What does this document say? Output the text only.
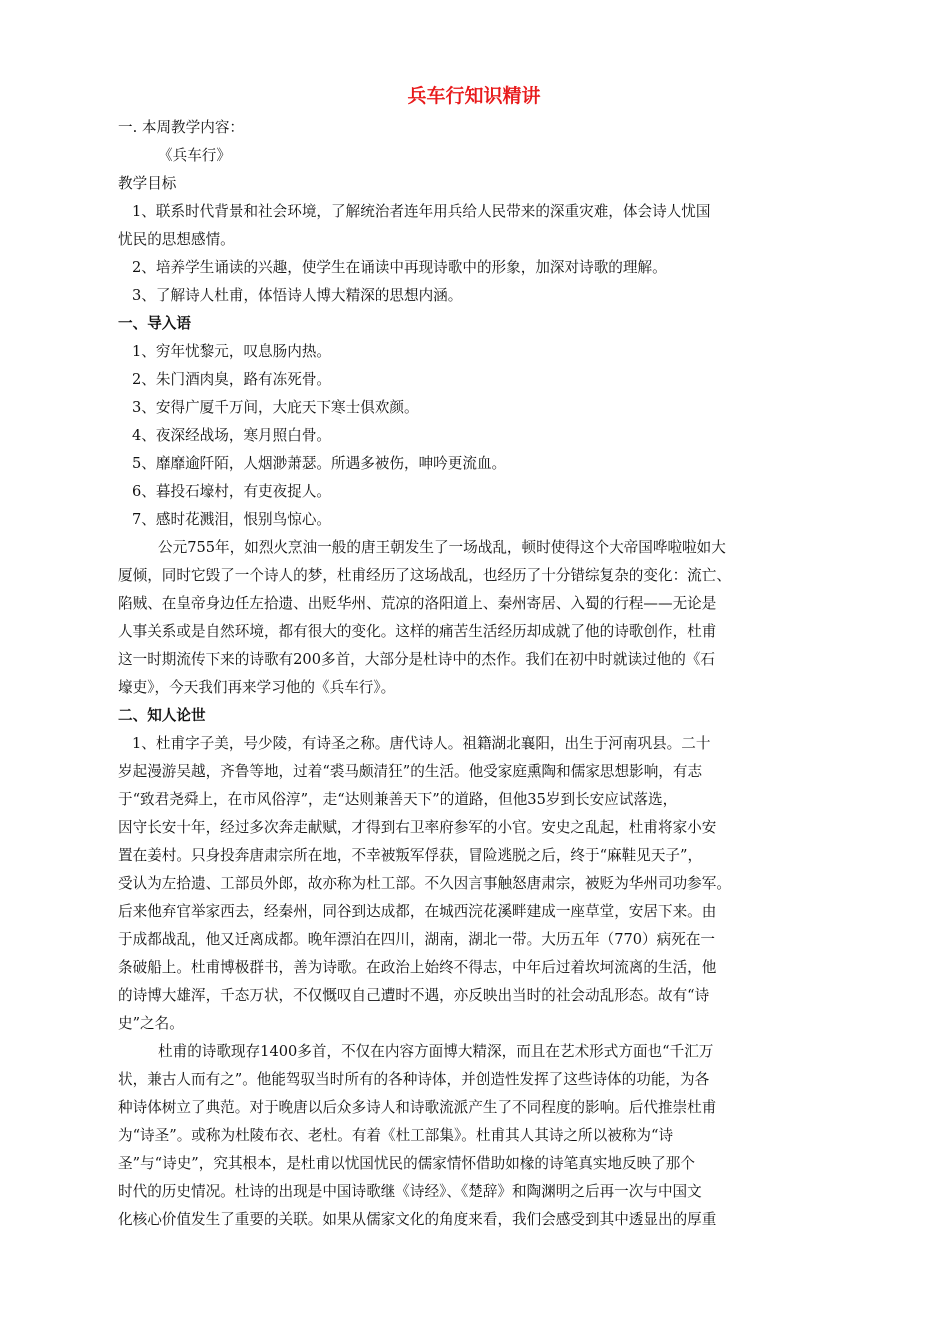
兵车行知识精讲

一. 本周教学内容：

《兵车行》

教学目标

1、联系时代背景和社会环境，了解统治者连年用兵给人民带来的深重灾难，体会诗人忧国

忧民的思想感情。

2、培养学生诵读的兴趣，使学生在诵读中再现诗歌中的形象，加深对诗歌的理解。

3、了解诗人杜甫，体悟诗人博大精深的思想内涵。

一、导入语

1、穷年忧黎元，叹息肠内热。

2、朱门酒肉臭，路有冻死骨。

3、安得广厦千万间，大庇天下寒士俱欢颜。

4、夜深经战场，寒月照白骨。

5、靡靡逾阡陌，人烟渺萧瑟。所遇多被伤，呻吟更流血。

6、暮投石壕村，有吏夜捉人。

7、感时花溅泪，恨别鸟惊心。

公元755年，如烈火烹油一般的唐王朝发生了一场战乱，顿时使得这个大帝国哗啦啦如大

厦倾，同时它毁了一个诗人的梦，杜甫经历了这场战乱，也经历了十分错综复杂的变化：流亡、

陷贼、在皇帝身边任左拾遗、出贬华州、荒凉的洛阳道上、秦州寄居、入蜀的行程——无论是

人事关系或是自然环境，都有很大的变化。这样的痛苦生活经历却成就了他的诗歌创作，杜甫

这一时期流传下来的诗歌有200多首，大部分是杜诗中的杰作。我们在初中时就读过他的《石

壕吏》，今天我们再来学习他的《兵车行》。

二、知人论世

1、杜甫字子美，号少陵，有诗圣之称。唐代诗人。祖籍湖北襄阳，出生于河南巩县。二十

岁起漫游吴越，齐鲁等地，过着“裘马颇清狂”的生活。他受家庭熏陶和儒家思想影响，有志

于“致君尧舜上，在市风俗淳”，走“达则兼善天下”的道路，但他35岁到长安应试落选，

因守长安十年，经过多次奔走献赋，才得到右卫率府参军的小官。安史之乱起，杜甫将家小安

置在姜村。只身投奔唐肃宗所在地，不幸被叛军俘获，冒险逃脱之后，终于“麻鞋见天子”，

受认为左拾遗、工部员外郎，故亦称为杜工部。不久因言事触怒唐肃宗，被贬为华州司功参军。

后来他弃官举家西去，经秦州，同谷到达成都，在城西浣花溪畔建成一座草堂，安居下来。由

于成都战乱，他又迁离成都。晚年漂泊在四川，湖南，湖北一带。大历五年（770）病死在一

条破船上。杜甫博极群书，善为诗歌。在政治上始终不得志，中年后过着坎坷流离的生活，他

的诗博大雄浑，千态万状，不仅慨叹自己遭时不遇，亦反映出当时的社会动乱形态。故有“诗

史”之名。

杜甫的诗歌现存1400多首，不仅在内容方面博大精深，而且在艺术形式方面也“千汇万

状，兼古人而有之”。他能驾驭当时所有的各种诗体，并创造性发挥了这些诗体的功能，为各

种诗体树立了典范。对于晚唐以后众多诗人和诗歌流派产生了不同程度的影响。后代推崇杜甫

为“诗圣”。或称为杜陵布衣、老杜。有着《杜工部集》。杜甫其人其诗之所以被称为“诗

圣”与“诗史”，究其根本，是杜甫以忧国忧民的儒家情怀借助如椽的诗笔真实地反映了那个

时代的历史情况。杜诗的出现是中国诗歌继《诗经》、《楚辞》和陶渊明之后再一次与中国文

化核心价值发生了重要的关联。如果从儒家文化的角度来看，我们会感受到其中透显出的厚重
